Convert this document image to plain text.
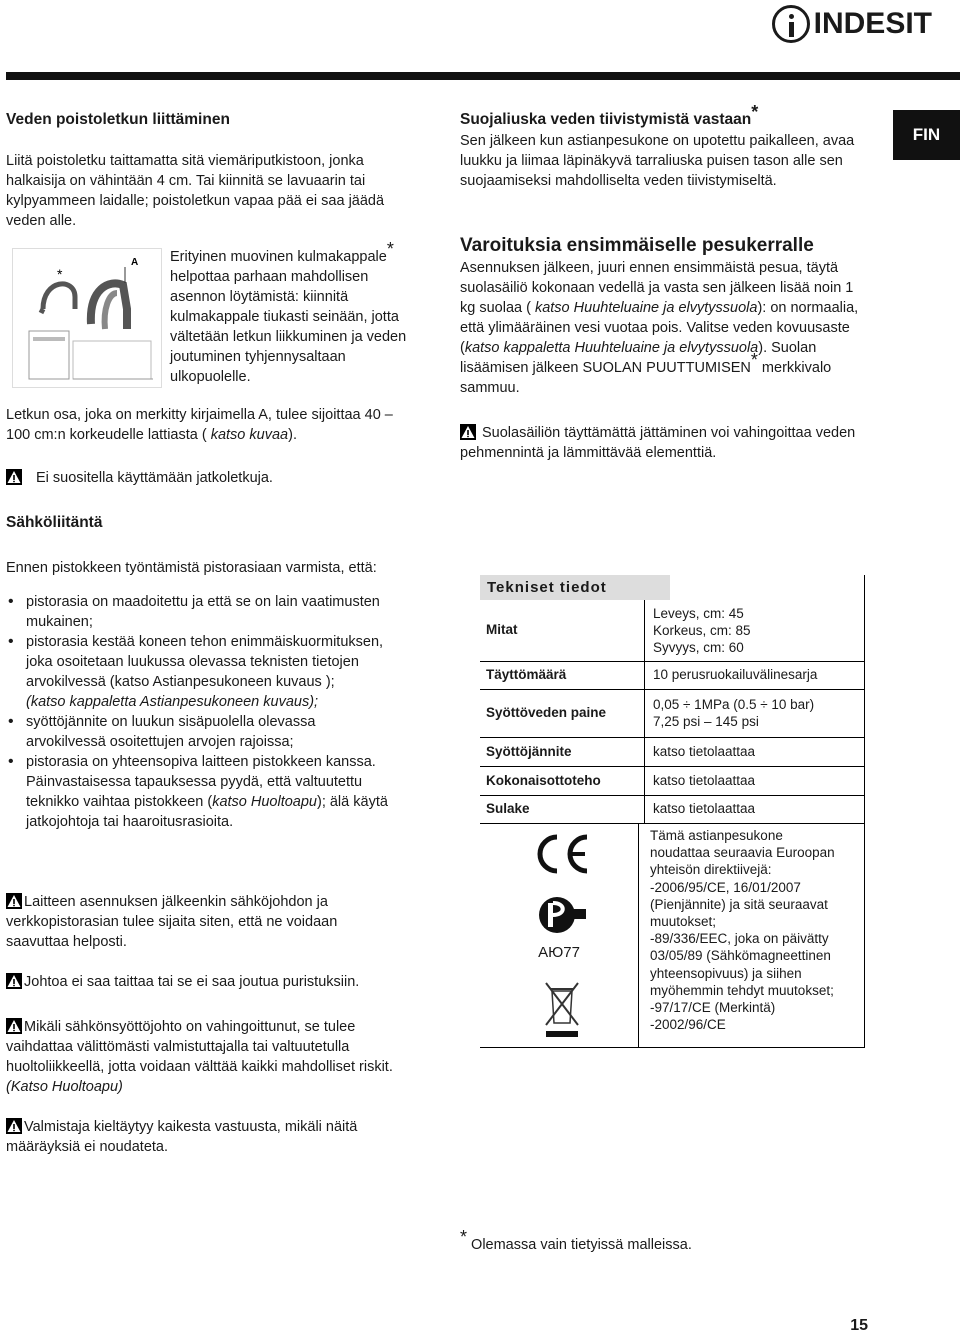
INDESIT
FIN
Veden poistoletkun liittäminen

Liitä poistoletku taittamatta sitä viemäriputkistoon, jonka halkaisija on vähintään 4 cm. Tai kiinnitä se lavuaarin tai kylpyammeen laidalle; poistoletkun vapaa pää ei saa jäädä veden alle.

*
A Erityinen muovinen kulmakappale* helpottaa parhaan mahdollisen asennon löytämistä: kiinnitä kulmakappale tiukasti seinään, jotta vältetään letkun liikkuminen ja veden joutuminen tyhjennysaltaan ulkopuolelle.

Letkun osa, joka on merkitty kirjaimella A, tulee sijoittaa 40 – 100 cm:n korkeudelle lattiasta ( katso kuvaa).

Ei suositella käyttämään jatkoletkuja.

Suojaliuska veden tiivistymistä vastaan*

Sen jälkeen kun astianpesukone on upotettu paikalleen, avaa luukku ja liimaa läpinäkyvä tarraliuska puisen tason alle sen suojaamiseksi mahdolliselta veden tiivistymiseltä.

Varoituksia ensimmäiselle pesukerralle

Asennuksen jälkeen, juuri ennen ensimmäistä pesua, täytä suolasäiliö kokonaan vedellä ja vasta sen jälkeen lisää noin 1 kg suolaa ( katso Huuhteluaine ja elvytyssuola): on normaalia, että ylimääräinen vesi vuotaa pois. Valitse veden kovuusaste (katso kappaletta Huuhteluaine ja elvytyssuola). Suolan lisäämisen jälkeen SUOLAN PUUTTUMISEN* merkkivalo sammuu.

Suolasäiliön täyttämättä jättäminen voi vahingoittaa veden pehmennintä ja lämmittävää elementtiä.

Sähköliitäntä

Ennen pistokkeen työntämistä pistorasiaan varmista, että:

• pistorasia on maadoitettu ja että se on lain vaatimusten mukainen;
• pistorasia kestää koneen tehon enimmäiskuormituksen, joka osoitetaan luukussa olevassa teknisten tietojen arvokilvessä (katso Astianpesukoneen kuvaus );
(katso kappaletta Astianpesukoneen kuvaus);
• syöttöjännite on luukun sisäpuolella olevassa arvokilvessä osoitettujen arvojen rajoissa;
• pistorasia on yhteensopiva laitteen pistokkeen kanssa. Päinvastaisessa tapauksessa pyydä, että valtuutettu teknikko vaihtaa pistokkeen (katso Huoltoapu); älä käytä jatkojohtoja tai haaroitusrasioita.

Laitteen asennuksen jälkeenkin sähköjohdon ja verkkopistorasian tulee sijaita siten, että ne voidaan saavuttaa helposti.

Johtoa ei saa taittaa tai se ei saa joutua puristuksiin.

Mikäli sähkönsyöttöjohto on vahingoittunut, se tulee vaihdattaa välittömästi valmistuttajalla tai valtuutetulla huoltoliikkeellä, jotta voidaan välttää kaikki mahdolliset riskit. (Katso Huoltoapu)

Valmistaja kieltäytyy kaikesta vastuusta, mikäli näitä määräyksiä ei noudateta.

Tekniset tiedot
Mitat	Leveys, cm: 45
Korkeus, cm: 85
Syvyys, cm: 60
Täyttömäärä	10 perusruokailuvälinesarja
Syöttöveden paine	0,05 ÷ 1MPa (0.5 ÷ 10 bar)
7,25 psi – 145 psi
Syöttöjännite	katso tietolaattaa
Kokonaisottoteho	katso tietolaattaa
Sulake	katso tietolaattaa
AЮ77
Tämä astianpesukone
noudattaa seuraavia Euroopan
yhteisön direktiivejä:
-2006/95/CE, 16/01/2007
(Pienjännite) ja sitä seuraavat
muutokset;
-89/336/EEC, joka on päivätty
03/05/89 (Sähkömagneettinen
yhteensopivuus) ja siihen
myöhemmin tehdyt muutokset;
-97/17/CE (Merkintä)
-2002/96/CE

* Olemassa vain tietyissä malleissa.

15
